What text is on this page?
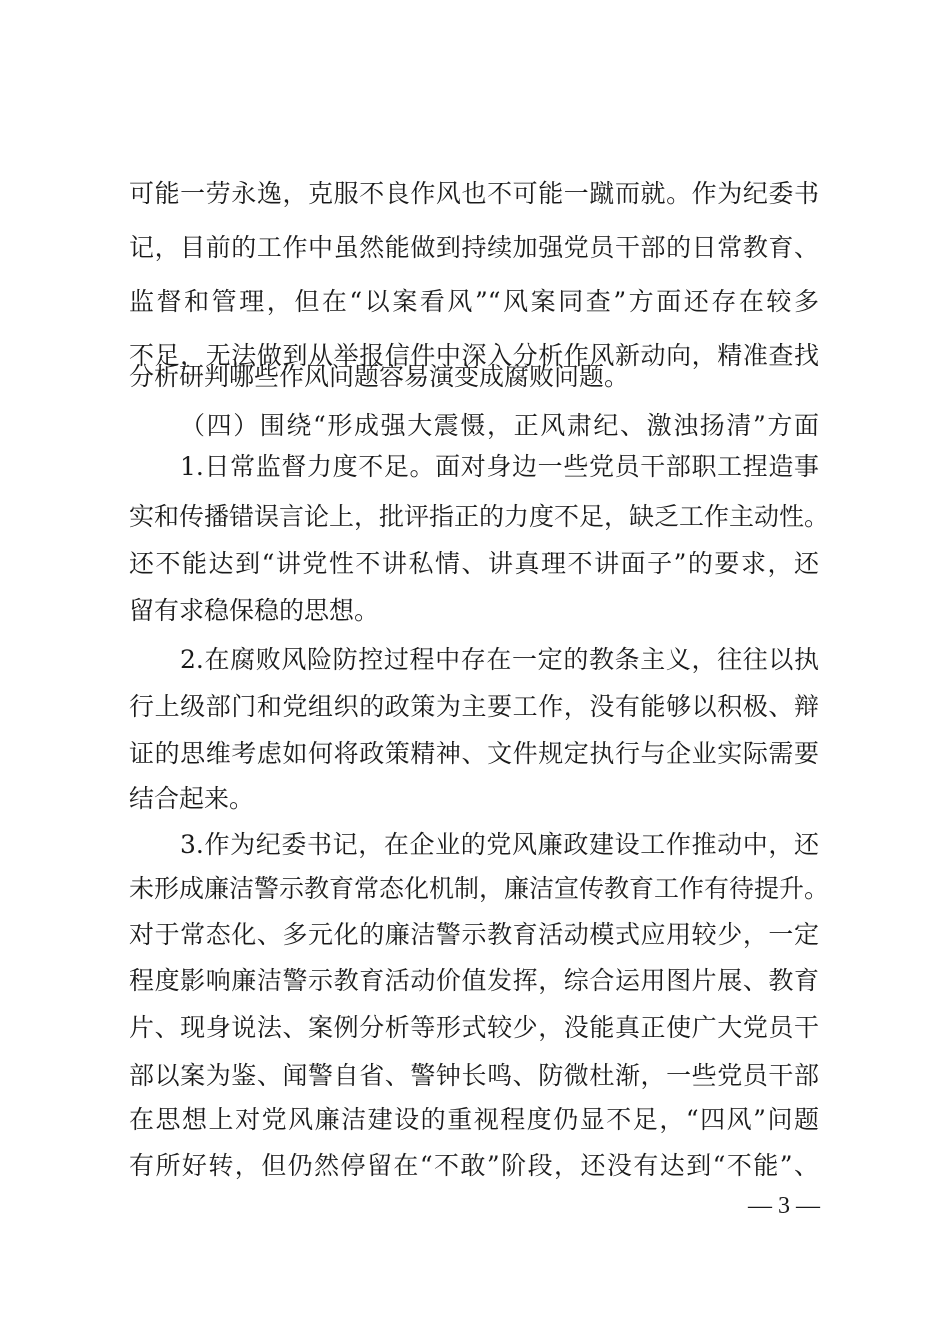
可能一劳永逸，克服不良作风也不可能一蹴而就。作为纪委书
记，目前的工作中虽然能做到持续加强党员干部的日常教育、
监督和管理，但在“以案看风”“风案同查”方面还存在较多
不足，无法做到从举报信件中深入分析作风新动向，精准查找
分析研判哪些作风问题容易演变成腐败问题。
（四）围绕“形成强大震慑，正风肃纪、激浊扬清”方面
1.日常监督力度不足。面对身边一些党员干部职工捏造事
实和传播错误言论上，批评指正的力度不足，缺乏工作主动性。
还不能达到“讲党性不讲私情、讲真理不讲面子”的要求，还
留有求稳保稳的思想。
2.在腐败风险防控过程中存在一定的教条主义，往往以执
行上级部门和党组织的政策为主要工作，没有能够以积极、辩
证的思维考虑如何将政策精神、文件规定执行与企业实际需要
结合起来。
3.作为纪委书记，在企业的党风廉政建设工作推动中，还
未形成廉洁警示教育常态化机制，廉洁宣传教育工作有待提升。
对于常态化、多元化的廉洁警示教育活动模式应用较少，一定
程度影响廉洁警示教育活动价值发挥，综合运用图片展、教育
片、现身说法、案例分析等形式较少，没能真正使广大党员干
部以案为鉴、闻警自省、警钟长鸣、防微杜渐，一些党员干部
在思想上对党风廉洁建设的重视程度仍显不足，“四风”问题
有所好转，但仍然停留在“不敢”阶段，还没有达到“不能”、
— 3 —
